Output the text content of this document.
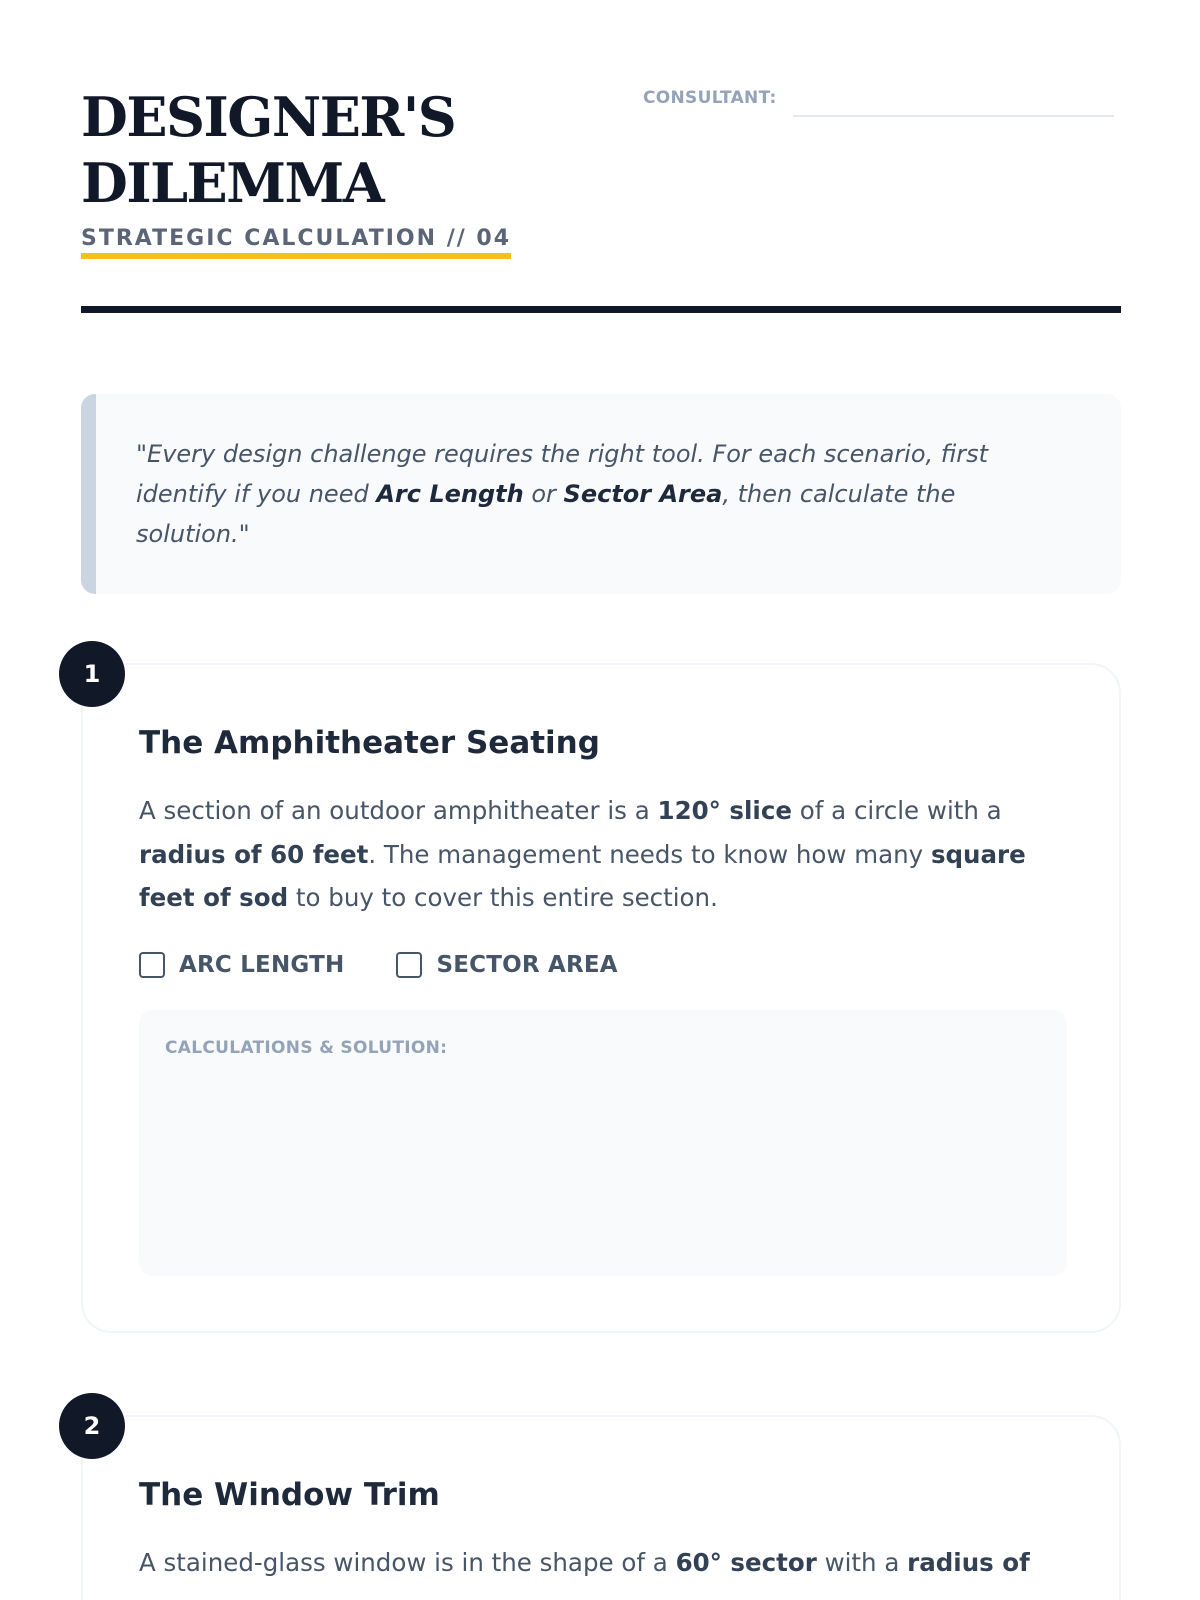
DESIGNER'S
DILEMMA
STRATEGIC CALCULATION // 04
CONSULTANT:

"Every design challenge requires the right tool. For each scenario, first identify if you need Arc Length or Sector Area, then calculate the solution."

1
The Amphitheater Seating

A section of an outdoor amphitheater is a 120° slice of a circle with a radius of 60 feet. The management needs to know how many square feet of sod to buy to cover this entire section.

ARC LENGTH	SECTOR AREA
CALCULATIONS & SOLUTION:
2
The Window Trim

A stained-glass window is in the shape of a 60° sector with a radius of
